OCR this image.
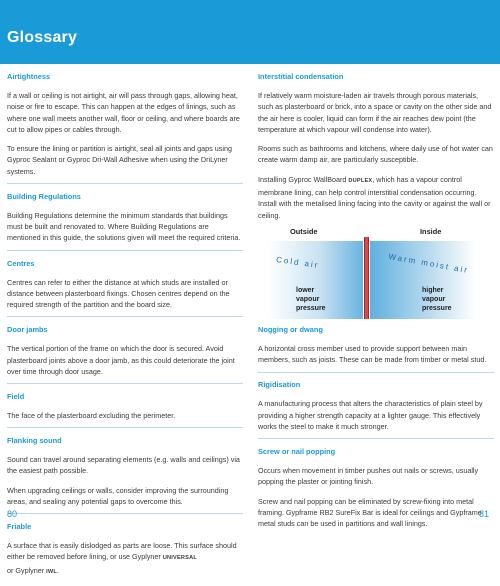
Glossary
Airtightness
If a wall or ceiling is not airtight, air will pass through gaps, allowing heat, noise or fire to escape. This can happen at the edges of linings, such as where one wall meets another wall, floor or ceiling, and where boards are cut to allow pipes or cables through.
To ensure the lining or partition is airtight, seal all joints and gaps using Gyproc Sealant or Gyproc Dri-Wall Adhesive when using the DriLyner systems.
Building Regulations
Building Regulations determine the minimum standards that buildings must be built and renovated to. Where Building Regulations are mentioned in this guide, the solutions given will meet the required criteria.
Centres
Centres can refer to either the distance at which studs are installed or distance between plasterboard fixings. Chosen centres depend on the required strength of the partition and the board size.
Door jambs
The vertical portion of the frame on which the door is secured. Avoid plasterboard joints above a door jamb, as this could deteriorate the joint over time through door usage.
Field
The face of the plasterboard excluding the perimeter.
Flanking sound
Sound can travel around separating elements (e.g. walls and ceilings) via the easiest path possible.
When upgrading ceilings or walls, consider improving the surrounding areas, and sealing any potential gaps to overcome this.
Friable
A surface that is easily dislodged as parts are loose. This surface should either be removed before lining, or use Gyplyner UNIVERSAL
or Gyplyner IWL.
Interstitial condensation
If relatively warm moisture-laden air travels through porous materials, such as plasterboard or brick, into a space or cavity on the other side and the air here is cooler, liquid can form if the air reaches dew point (the temperature at which vapour will condense into water).
Rooms such as bathrooms and kitchens, where daily use of hot water can create warm damp air, are particularly susceptible.
Installing Gyproc WallBoard DUPLEX, which has a vapour control membrane lining, can help control interstitial condensation occurring. Install with the metalised lining facing into the cavity or against the wall or ceiling.
Outside	Inside
Cold air	Warm moist air
lower
vapour
pressure
higher
vapour
pressure
Nogging or dwang
A horizontal cross member used to provide support between main members, such as joists. These can be made from timber or metal stud.
Rigidisation
A manufacturing process that alters the characteristics of plain steel by providing a higher strength capacity at a lighter gauge. This effectively works the steel to make it much stronger.
Screw or nail popping
Occurs when movement in timber pushes out nails or screws, usually popping the plaster or jointing finish.
Screw and nail popping can be eliminated by screw-fixing into metal framing. Gypframe RB2 SureFix Bar is ideal for ceilings and Gypframe metal studs can be used in partitions and wall linings.
80	81
